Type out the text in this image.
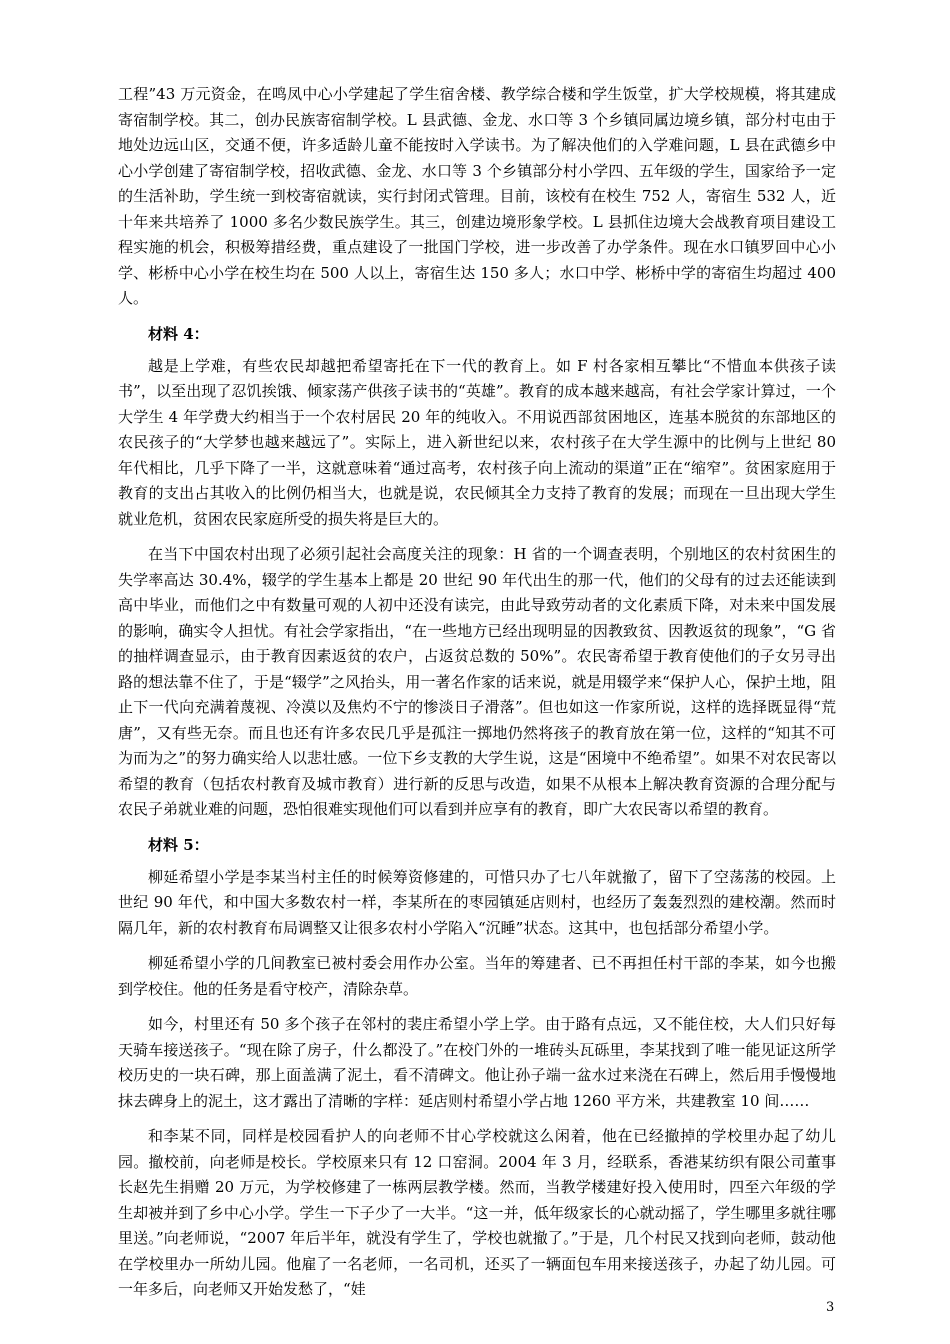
工程”43 万元资金，在鸣凤中心小学建起了学生宿舍楼、教学综合楼和学生饭堂，扩大学校规模，将其建成寄宿制学校。其二，创办民族寄宿制学校。L 县武德、金龙、水口等 3 个乡镇同属边境乡镇，部分村屯由于地处边远山区，交通不便，许多适龄儿童不能按时入学读书。为了解决他们的入学难问题，L 县在武德乡中心小学创建了寄宿制学校，招收武德、金龙、水口等 3 个乡镇部分村小学四、五年级的学生，国家给予一定的生活补助，学生统一到校寄宿就读，实行封闭式管理。目前，该校有在校生 752 人，寄宿生 532 人，近十年来共培养了 1000 多名少数民族学生。其三，创建边境形象学校。L 县抓住边境大会战教育项目建设工程实施的机会，积极筹措经费，重点建设了一批国门学校，进一步改善了办学条件。现在水口镇罗回中心小学、彬桥中心小学在校生均在 500 人以上，寄宿生达 150 多人；水口中学、彬桥中学的寄宿生均超过 400 人。

材料 4：

越是上学难，有些农民却越把希望寄托在下一代的教育上。如 F 村各家相互攀比“不惜血本供孩子读书”，以至出现了忍饥挨饿、倾家荡产供孩子读书的“英雄”。教育的成本越来越高，有社会学家计算过，一个大学生 4 年学费大约相当于一个农村居民 20 年的纯收入。不用说西部贫困地区，连基本脱贫的东部地区的农民孩子的“大学梦也越来越远了”。实际上，进入新世纪以来，农村孩子在大学生源中的比例与上世纪 80 年代相比，几乎下降了一半，这就意味着“通过高考，农村孩子向上流动的渠道”正在“缩窄”。贫困家庭用于教育的支出占其收入的比例仍相当大，也就是说，农民倾其全力支持了教育的发展；而现在一旦出现大学生就业危机，贫困农民家庭所受的损失将是巨大的。

在当下中国农村出现了必须引起社会高度关注的现象：H 省的一个调查表明，个别地区的农村贫困生的失学率高达 30.4%，辍学的学生基本上都是 20 世纪 90 年代出生的那一代，他们的父母有的过去还能读到高中毕业，而他们之中有数量可观的人初中还没有读完，由此导致劳动者的文化素质下降，对未来中国发展的影响，确实令人担忧。有社会学家指出，“在一些地方已经出现明显的因教致贫、因教返贫的现象”，“G 省的抽样调查显示，由于教育因素返贫的农户，占返贫总数的 50%”。农民寄希望于教育使他们的子女另寻出路的想法靠不住了，于是“辍学”之风抬头，用一著名作家的话来说，就是用辍学来“保护人心，保护土地，阻止下一代向充满着蔑视、冷漠以及焦灼不宁的惨淡日子滑落”。但也如这一作家所说，这样的选择既显得“荒唐”，又有些无奈。而且也还有许多农民几乎是孤注一掷地仍然将孩子的教育放在第一位，这样的“知其不可为而为之”的努力确实给人以悲壮感。一位下乡支教的大学生说，这是“困境中不绝希望”。如果不对农民寄以希望的教育（包括农村教育及城市教育）进行新的反思与改造，如果不从根本上解决教育资源的合理分配与农民子弟就业难的问题，恐怕很难实现他们可以看到并应享有的教育，即广大农民寄以希望的教育。

材料 5：

柳延希望小学是李某当村主任的时候筹资修建的，可惜只办了七八年就撤了，留下了空荡荡的校园。上世纪 90 年代，和中国大多数农村一样，李某所在的枣园镇延店则村，也经历了轰轰烈烈的建校潮。然而时隔几年，新的农村教育布局调整又让很多农村小学陷入“沉睡”状态。这其中，也包括部分希望小学。

柳延希望小学的几间教室已被村委会用作办公室。当年的筹建者、已不再担任村干部的李某，如今也搬到学校住。他的任务是看守校产，清除杂草。

如今，村里还有 50 多个孩子在邻村的裴庄希望小学上学。由于路有点远，又不能住校，大人们只好每天骑车接送孩子。“现在除了房子，什么都没了。”在校门外的一堆砖头瓦砾里，李某找到了唯一能见证这所学校历史的一块石碑，那上面盖满了泥土，看不清碑文。他让孙子端一盆水过来浇在石碑上，然后用手慢慢地抹去碑身上的泥土，这才露出了清晰的字样：延店则村希望小学占地 1260 平方米，共建教室 10 间……

和李某不同，同样是校园看护人的向老师不甘心学校就这么闲着，他在已经撤掉的学校里办起了幼儿园。撤校前，向老师是校长。学校原来只有 12 口窑洞。2004 年 3 月，经联系，香港某纺织有限公司董事长赵先生捐赠 20 万元，为学校修建了一栋两层教学楼。然而，当教学楼建好投入使用时，四至六年级的学生却被并到了乡中心小学。学生一下子少了一大半。“这一并，低年级家长的心就动摇了，学生哪里多就往哪里送。”向老师说，“2007 年后半年，就没有学生了，学校也就撤了。”于是，几个村民又找到向老师，鼓动他在学校里办一所幼儿园。他雇了一名老师，一名司机，还买了一辆面包车用来接送孩子，办起了幼儿园。可一年多后，向老师又开始发愁了，“娃

3
